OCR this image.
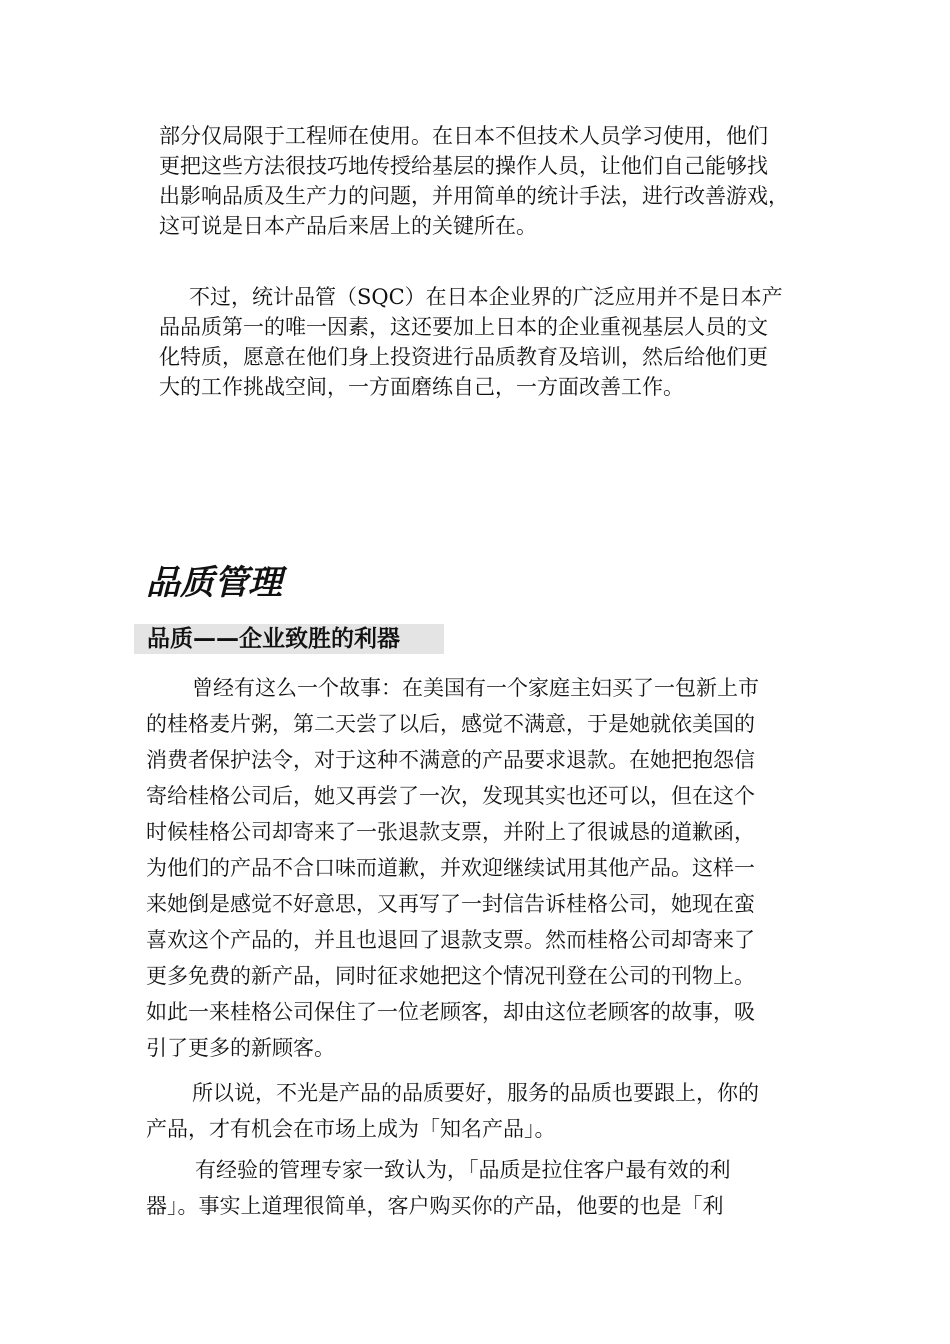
部分仅局限于工程师在使用。在日本不但技术人员学习使用，他们
更把这些方法很技巧地传授给基层的操作人员，让他们自己能够找
出影响品质及生产力的问题，并用简单的统计手法，进行改善游戏，
这可说是日本产品后来居上的关键所在。
不过，统计品管（SQC）在日本企业界的广泛应用并不是日本产
品品质第一的唯一因素，这还要加上日本的企业重视基层人员的文
化特质，愿意在他们身上投资进行品质教育及培训，然后给他们更
大的工作挑战空间，一方面磨练自己，一方面改善工作。
品质管理
品质——企业致胜的利器
曾经有这么一个故事：在美国有一个家庭主妇买了一包新上市
的桂格麦片粥，第二天尝了以后，感觉不满意，于是她就依美国的
消费者保护法令，对于这种不满意的产品要求退款。在她把抱怨信
寄给桂格公司后，她又再尝了一次，发现其实也还可以，但在这个
时候桂格公司却寄来了一张退款支票，并附上了很诚恳的道歉函，
为他们的产品不合口味而道歉，并欢迎继续试用其他产品。这样一
来她倒是感觉不好意思，又再写了一封信告诉桂格公司，她现在蛮
喜欢这个产品的，并且也退回了退款支票。然而桂格公司却寄来了
更多免费的新产品，同时征求她把这个情况刊登在公司的刊物上。
如此一来桂格公司保住了一位老顾客，却由这位老顾客的故事，吸
引了更多的新顾客。
所以说，不光是产品的品质要好，服务的品质也要跟上，你的
产品，才有机会在市场上成为「知名产品」。
有经验的管理专家一致认为，「品质是拉住客户最有效的利
器」。事实上道理很简单，客户购买你的产品，他要的也是「利
